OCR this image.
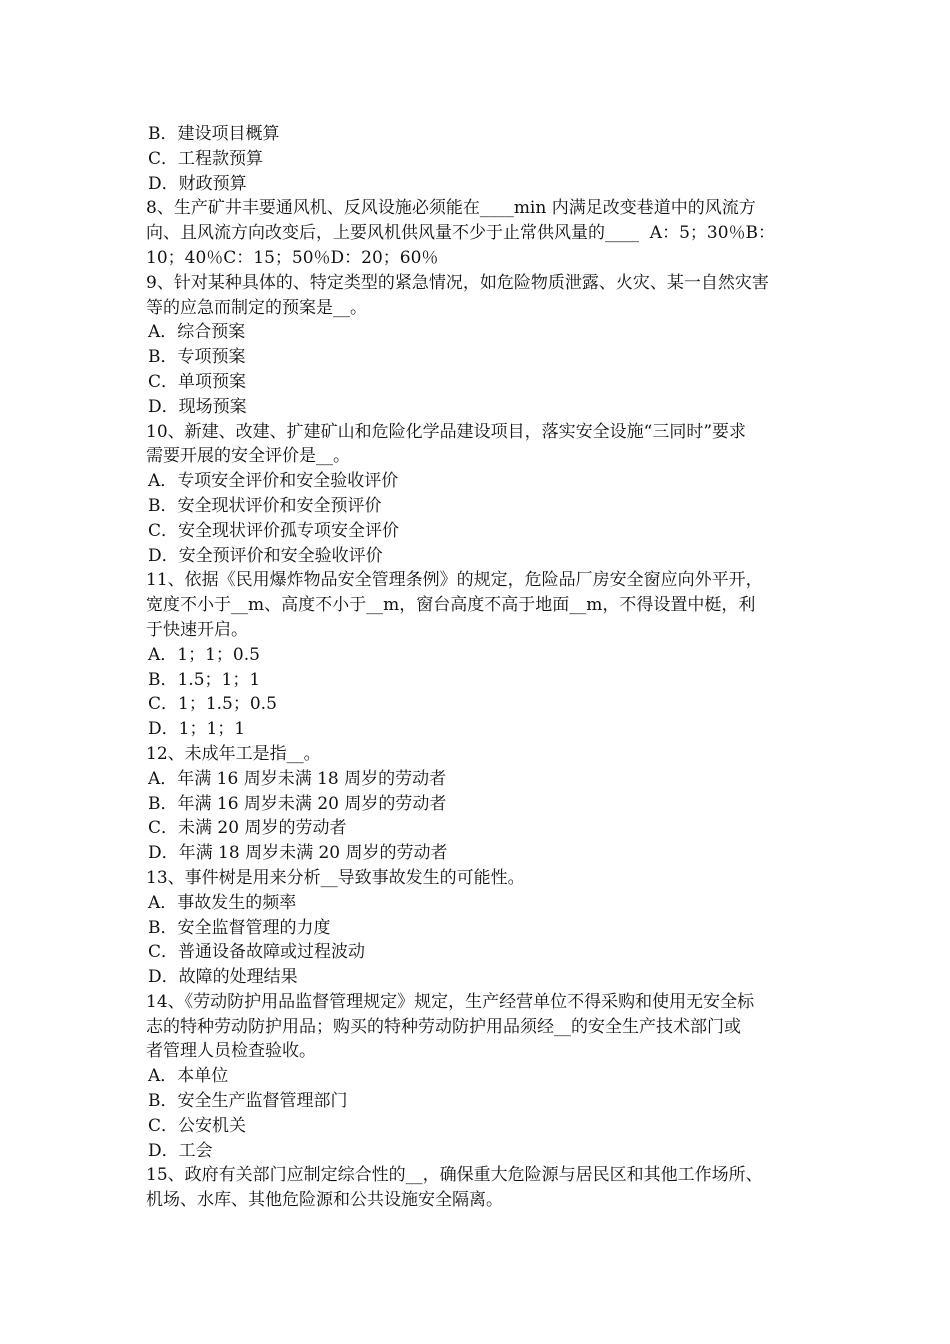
B．建设项目概算
C．工程款预算
D．财政预算
8、生产矿井丰要通风机、反风设施必须能在____min 内满足改变巷道中的风流方
向、且风流方向改变后，上要风机供风量不少于止常供风量的____  A：5；30％B：
10；40％C：15；50％D：20；60％
9、针对某种具体的、特定类型的紧急情况，如危险物质泄露、火灾、某一自然灾害
等的应急而制定的预案是__。
A．综合预案
B．专项预案
C．单项预案
D．现场预案
10、新建、改建、扩建矿山和危险化学品建设项目，落实安全设施“三同时”要求
需要开展的安全评价是__。
A．专项安全评价和安全验收评价
B．安全现状评价和安全预评价
C．安全现状评价孤专项安全评价
D．安全预评价和安全验收评价
11、依据《民用爆炸物品安全管理条例》的规定，危险品厂房安全窗应向外平开，
宽度不小于__m、高度不小于__m，窗台高度不高于地面__m，不得设置中梃，利
于快速开启。
A．1；1；0.5
B．1.5；1；1
C．1；1.5；0.5
D．1；1；1
12、未成年工是指__。
A．年满 16 周岁未满 18 周岁的劳动者
B．年满 16 周岁未满 20 周岁的劳动者
C．未满 20 周岁的劳动者
D．年满 18 周岁未满 20 周岁的劳动者
13、事件树是用来分析__导致事故发生的可能性。
A．事故发生的频率
B．安全监督管理的力度
C．普通设备故障或过程波动
D．故障的处理结果
14、《劳动防护用品监督管理规定》规定，生产经营单位不得采购和使用无安全标
志的特种劳动防护用品；购买的特种劳动防护用品须经__的安全生产技术部门或
者管理人员检查验收。
A．本单位
B．安全生产监督管理部门
C．公安机关
D．工会
15、政府有关部门应制定综合性的__，确保重大危险源与居民区和其他工作场所、
机场、水库、其他危险源和公共设施安全隔离。
